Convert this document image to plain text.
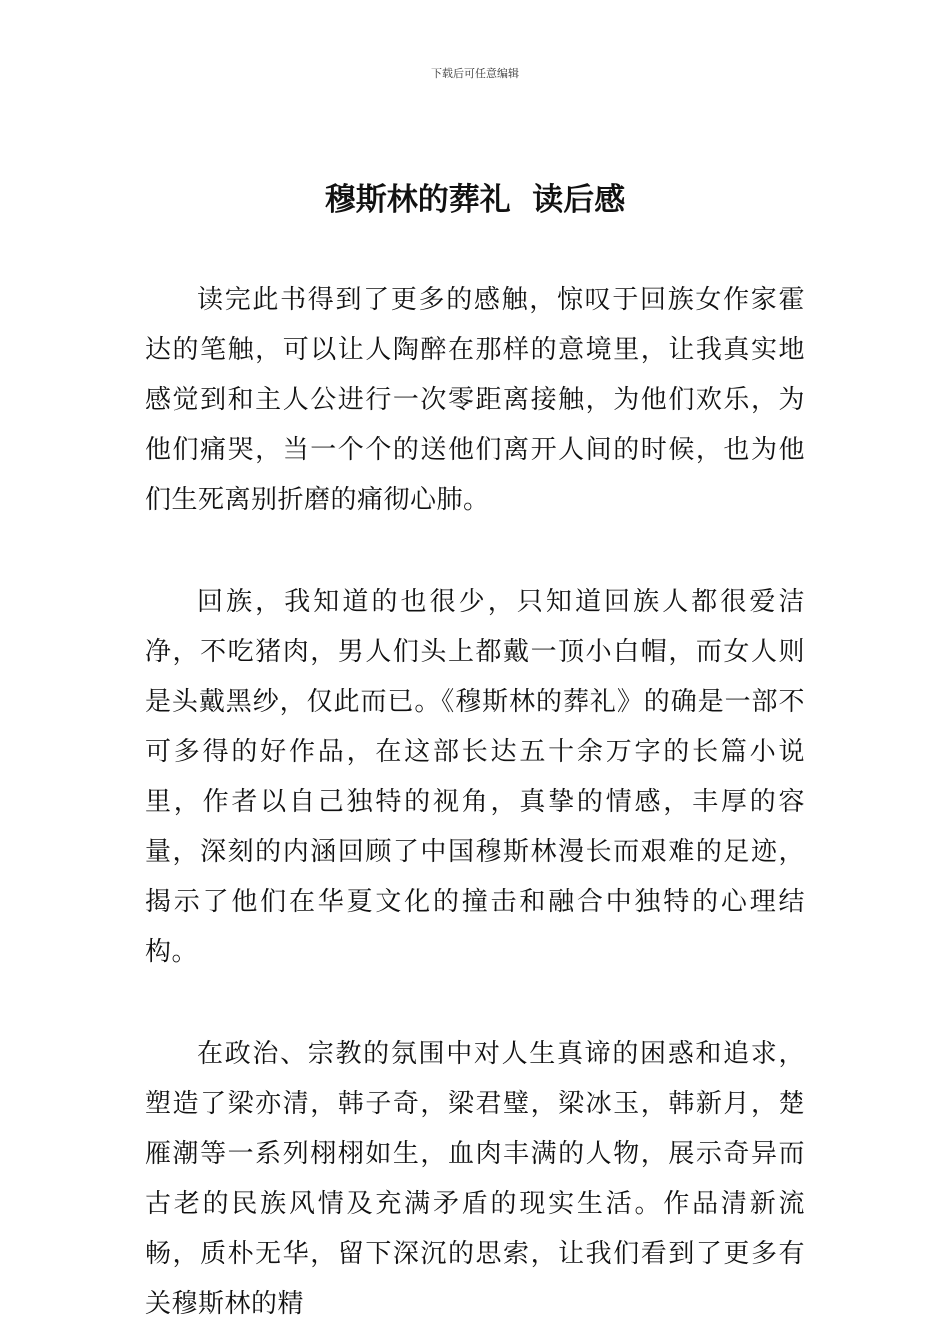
下载后可任意编辑
穆斯林的葬礼  读后感

读完此书得到了更多的感触，惊叹于回族女作家霍达的笔触，可以让人陶醉在那样的意境里，让我真实地感觉到和主人公进行一次零距离接触，为他们欢乐，为他们痛哭，当一个个的送他们离开人间的时候，也为他们生死离别折磨的痛彻心肺。

回族，我知道的也很少，只知道回族人都很爱洁净，不吃猪肉，男人们头上都戴一顶小白帽，而女人则是头戴黑纱，仅此而已。《穆斯林的葬礼》的确是一部不可多得的好作品，在这部长达五十余万字的长篇小说里，作者以自己独特的视角，真挚的情感，丰厚的容量，深刻的内涵回顾了中国穆斯林漫长而艰难的足迹，揭示了他们在华夏文化的撞击和融合中独特的心理结构。

在政治、宗教的氛围中对人生真谛的困惑和追求，塑造了梁亦清，韩子奇，梁君璧，梁冰玉，韩新月，楚雁潮等一系列栩栩如生，血肉丰满的人物，展示奇异而古老的民族风情及充满矛盾的现实生活。作品清新流畅，质朴无华，留下深沉的思索，让我们看到了更多有关穆斯林的精
